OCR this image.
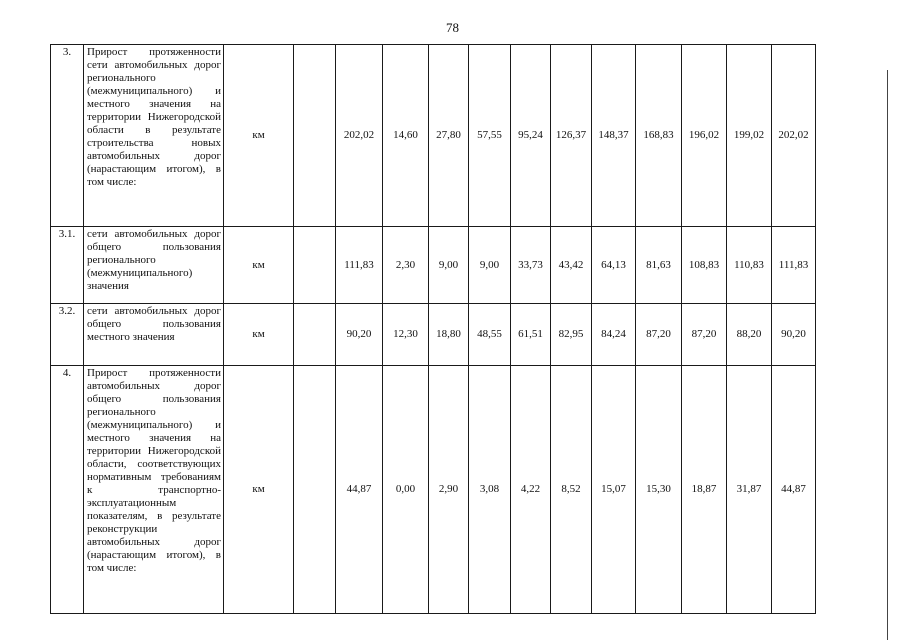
78
3.	Прирост протяженности сети автомобильных дорог регионального (межмуниципального) и местного значения на территории Нижегородской области в результате строительства новых автомобильных дорог (нарастающим итогом), в том числе:	км		202,02	14,60	27,80	57,55	95,24	126,37	148,37	168,83	196,02	199,02	202,02
3.1.	сети автомобильных дорог общего пользования регионального (межмуниципального) значения	км		111,83	2,30	9,00	9,00	33,73	43,42	64,13	81,63	108,83	110,83	111,83
3.2.	сети автомобильных дорог общего пользования местного значения	км		90,20	12,30	18,80	48,55	61,51	82,95	84,24	87,20	87,20	88,20	90,20
4.	Прирост протяженности автомобильных дорог общего пользования регионального (межмуниципального) и местного значения на территории Нижегородской области, соответствующих нормативным требованиям к транспортно-эксплуатационным показателям, в результате реконструкции автомобильных дорог (нарастающим итогом), в том числе:	км		44,87	0,00	2,90	3,08	4,22	8,52	15,07	15,30	18,87	31,87	44,87
